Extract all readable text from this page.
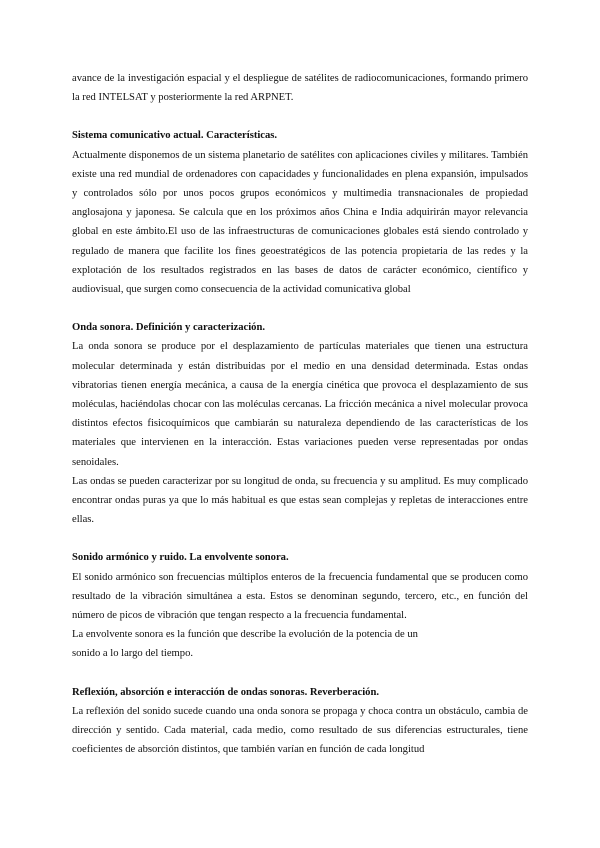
avance de la investigación espacial y el despliegue de satélites de radiocomunicaciones, formando primero la red INTELSAT y posteriormente la red ARPNET.

Sistema comunicativo actual. Características.

Actualmente disponemos de un sistema planetario de satélites con aplicaciones civiles y militares. También existe una red mundial de ordenadores con capacidades y funcionalidades en plena expansión, impulsados y controlados sólo por unos pocos grupos económicos y multimedia transnacionales de propiedad anglosajona y japonesa. Se calcula que en los próximos años China e India adquirirán mayor relevancia global en este ámbito.El uso de las infraestructuras de comunicaciones globales está siendo controlado y regulado de manera que facilite los fines geoestratégicos de las potencia propietaria de las redes y la explotación de los resultados registrados en las bases de datos de carácter económico, científico y audiovisual, que surgen como consecuencia de la actividad comunicativa global

Onda sonora. Definición y caracterización.

La onda sonora se produce por el desplazamiento de partículas materiales que tienen una estructura molecular determinada y están distribuidas por el medio en una densidad determinada. Estas ondas vibratorias tienen energía mecánica, a causa de la energía cinética que provoca el desplazamiento de sus moléculas, haciéndolas chocar con las moléculas cercanas. La fricción mecánica a nivel molecular provoca distintos efectos fisicoquímicos que cambiarán su naturaleza dependiendo de las características de los materiales que intervienen en la interacción. Estas variaciones pueden verse representadas por ondas senoidales.

Las ondas se pueden caracterizar por su longitud de onda, su frecuencia y su amplitud. Es muy complicado encontrar ondas puras ya que lo más habitual es que estas sean complejas y repletas de interacciones entre ellas.

Sonido armónico y ruido. La envolvente sonora.

El sonido armónico son frecuencias múltiplos enteros de la frecuencia fundamental que se producen como resultado de la vibración simultánea a esta. Estos se denominan segundo, tercero, etc., en función del número de picos de vibración que tengan respecto a la frecuencia fundamental.

La envolvente sonora es la función que describe la evolución de la potencia de un

sonido a lo largo del tiempo.

Reflexión, absorción e interacción de ondas sonoras. Reverberación.

La reflexión del sonido sucede cuando una onda sonora se propaga y choca contra un obstáculo, cambia de dirección y sentido. Cada material, cada medio, como resultado de sus diferencias estructurales, tiene coeficientes de absorción distintos, que también varían en función de cada longitud
